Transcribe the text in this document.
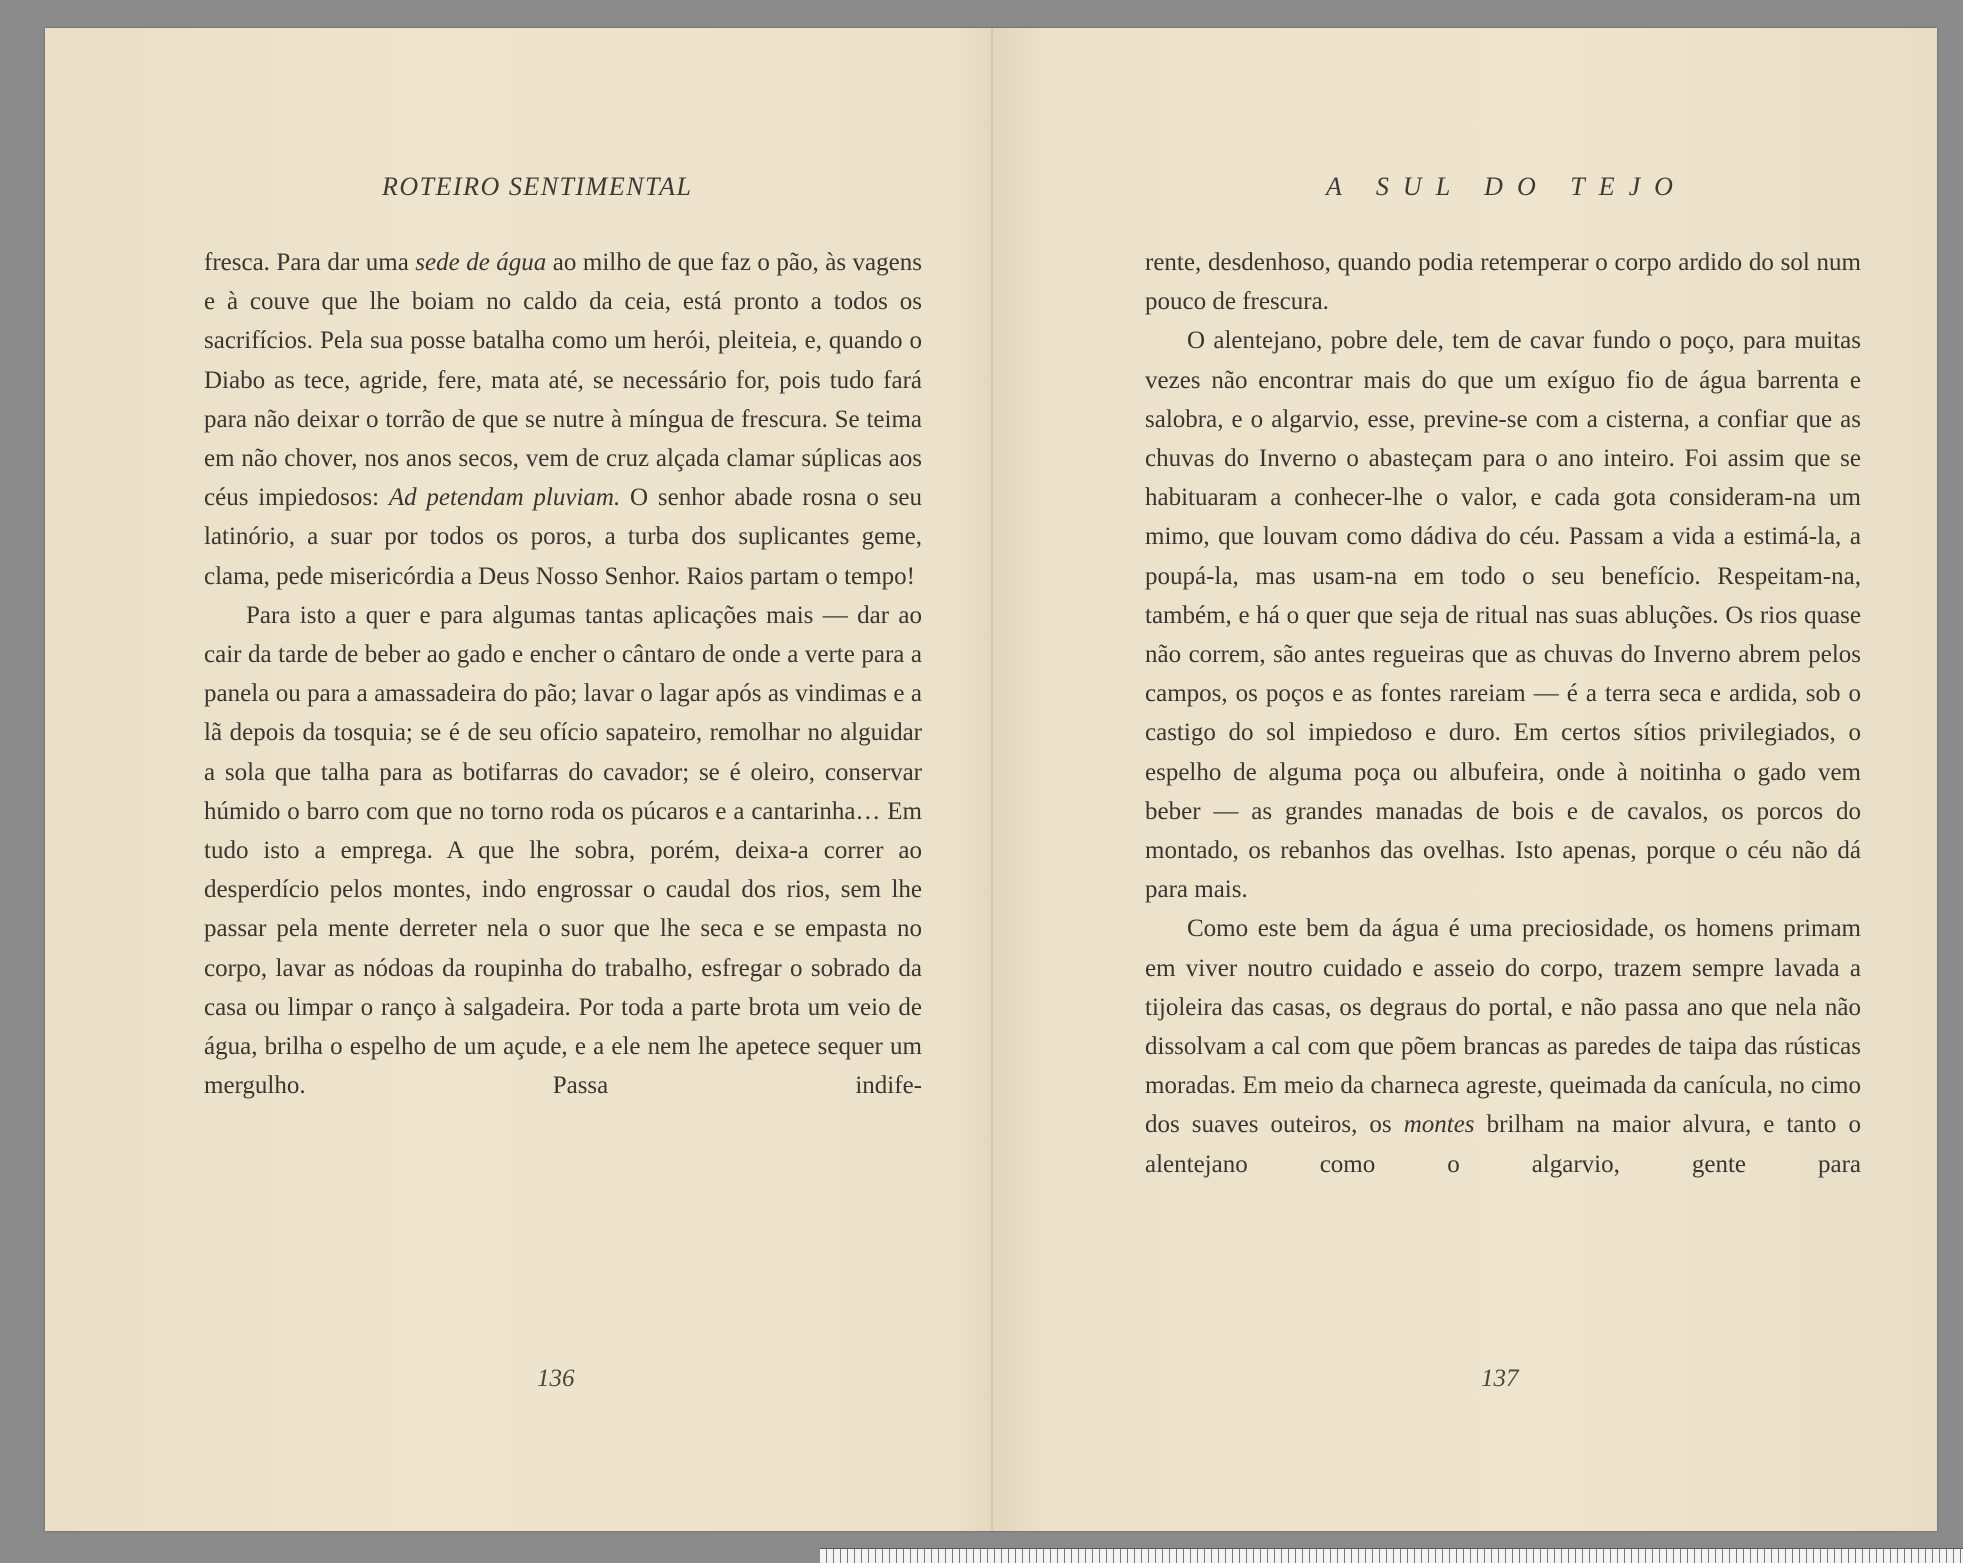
ROTEIRO SENTIMENTAL

fresca. Para dar uma sede de água ao milho de que faz o pão, às vagens e à couve que lhe boiam no caldo da ceia, está pronto a todos os sacrifícios. Pela sua posse batalha como um herói, pleiteia, e, quando o Diabo as tece, agride, fere, mata até, se necessário for, pois tudo fará para não deixar o torrão de que se nutre à míngua de frescura. Se teima em não chover, nos anos secos, vem de cruz alçada clamar súplicas aos céus impiedosos: Ad petendam pluviam. O senhor abade rosna o seu latinório, a suar por todos os poros, a turba dos suplicantes geme, clama, pede misericórdia a Deus Nosso Senhor. Raios partam o tempo!

Para isto a quer e para algumas tantas aplicações mais — dar ao cair da tarde de beber ao gado e encher o cântaro de onde a verte para a panela ou para a amassadeira do pão; lavar o lagar após as vindimas e a lã depois da tosquia; se é de seu ofício sapateiro, remolhar no alguidar a sola que talha para as botifarras do cavador; se é oleiro, conservar húmido o barro com que no torno roda os púcaros e a cantarinha… Em tudo isto a emprega. A que lhe sobra, porém, deixa-a correr ao desperdício pelos montes, indo engrossar o caudal dos rios, sem lhe passar pela mente derreter nela o suor que lhe seca e se empasta no corpo, lavar as nódoas da roupinha do trabalho, esfregar o sobrado da casa ou limpar o ranço à salgadeira. Por toda a parte brota um veio de água, brilha o espelho de um açude, e a ele nem lhe apetece sequer um mergulho. Passa indife-

136
A SUL DO TEJO

rente, desdenhoso, quando podia retemperar o corpo ardido do sol num pouco de frescura.

O alentejano, pobre dele, tem de cavar fundo o poço, para muitas vezes não encontrar mais do que um exíguo fio de água barrenta e salobra, e o algarvio, esse, previne-se com a cisterna, a confiar que as chuvas do Inverno o abasteçam para o ano inteiro. Foi assim que se habituaram a conhecer-lhe o valor, e cada gota consideram-na um mimo, que louvam como dádiva do céu. Passam a vida a estimá-la, a poupá-la, mas usam-na em todo o seu benefício. Respeitam-na, também, e há o quer que seja de ritual nas suas abluções. Os rios quase não correm, são antes regueiras que as chuvas do Inverno abrem pelos campos, os poços e as fontes rareiam — é a terra seca e ardida, sob o castigo do sol impiedoso e duro. Em certos sítios privilegiados, o espelho de alguma poça ou albufeira, onde à noitinha o gado vem beber — as grandes manadas de bois e de cavalos, os porcos do montado, os rebanhos das ovelhas. Isto apenas, porque o céu não dá para mais.

Como este bem da água é uma preciosidade, os homens primam em viver noutro cuidado e asseio do corpo, trazem sempre lavada a tijoleira das casas, os degraus do portal, e não passa ano que nela não dissolvam a cal com que põem brancas as paredes de taipa das rústicas moradas. Em meio da charneca agreste, queimada da canícula, no cimo dos suaves outeiros, os montes brilham na maior alvura, e tanto o alentejano como o algarvio, gente para

137
